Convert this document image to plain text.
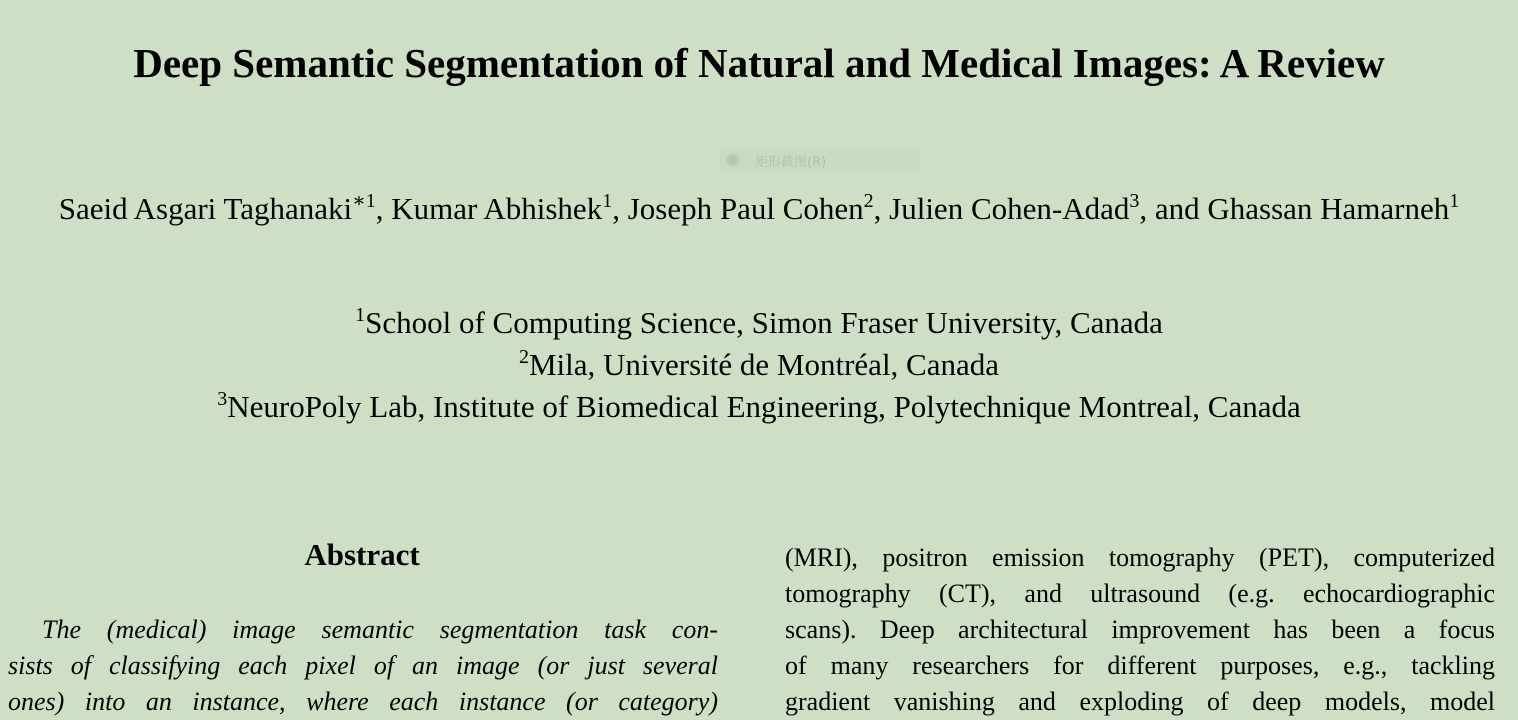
Deep Semantic Segmentation of Natural and Medical Images: A Review
矩形截图(R)
Saeid Asgari Taghanaki$^{∗1}$, Kumar Abhishek$^1$, Joseph Paul Cohen$^2$, Julien Cohen-Adad$^3$, and Ghassan Hamarneh$^1$
$^1$School of Computing Science, Simon Fraser University, Canada
$^2$Mila, Université de Montréal, Canada
$^3$NeuroPoly Lab, Institute of Biomedical Engineering, Polytechnique Montreal, Canada
Abstract
The (medical) image semantic segmentation task con-
sists of classifying each pixel of an image (or just several
ones) into an instance, where each instance (or category)
(MRI), positron emission tomography (PET), computerized
tomography (CT), and ultrasound (e.g. echocardiographic
scans). Deep architectural improvement has been a focus
of many researchers for different purposes, e.g., tackling
gradient vanishing and exploding of deep models, model
